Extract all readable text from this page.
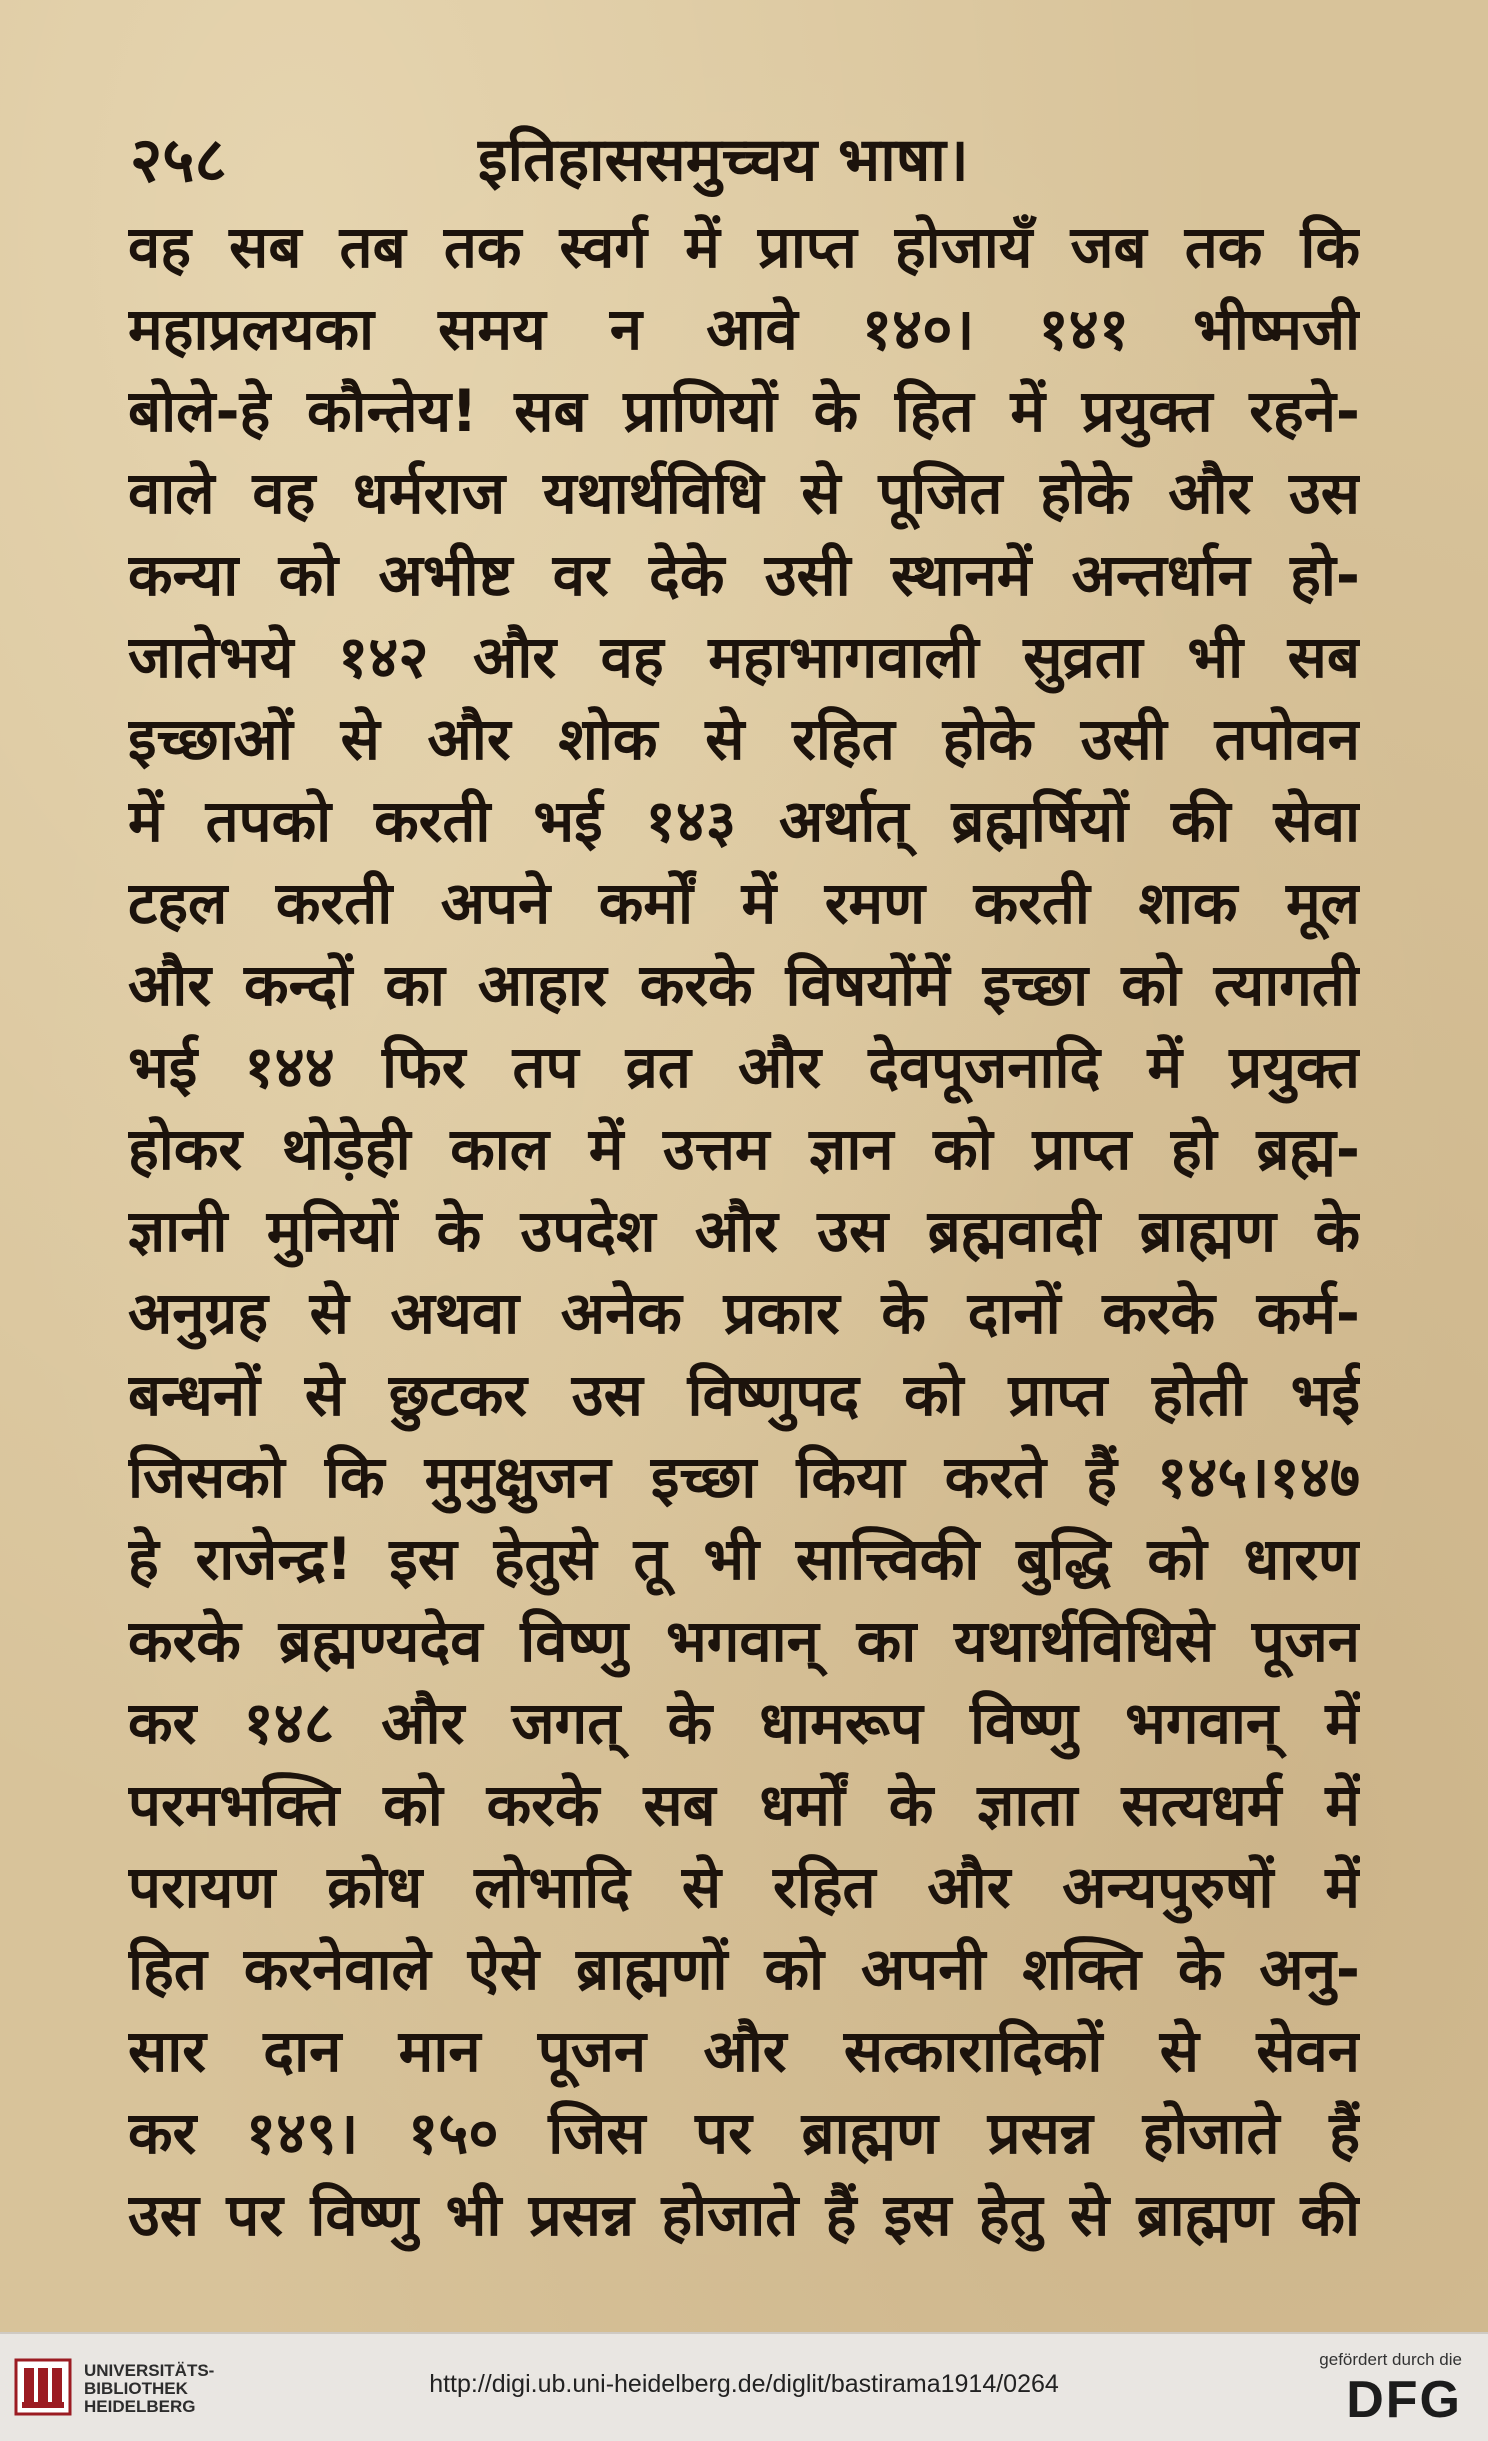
२५८	इतिहाससमुच्चय भाषा।
वह सब तब तक स्वर्ग में प्राप्त होजायँ जब तक कि
महाप्रलयका समय न आवे १४०। १४१ भीष्मजी
बोले-हे कौन्तेय! सब प्राणियों के हित में प्रयुक्त रहने-
वाले वह धर्मराज यथार्थविधि से पूजित होके और उस
कन्या को अभीष्ट वर देके उसी स्थानमें अन्तर्धान हो-
जातेभये १४२ और वह महाभागवाली सुव्रता भी सब
इच्छाओं से और शोक से रहित होके उसी तपोवन
में तपको करती भई १४३ अर्थात् ब्रह्मर्षियों की सेवा
टहल करती अपने कर्मों में रमण करती शाक मूल
और कन्दों का आहार करके विषयोंमें इच्छा को त्यागती
भई १४४ फिर तप व्रत और देवपूजनादि में प्रयुक्त
होकर थोड़ेही काल में उत्तम ज्ञान को प्राप्त हो ब्रह्म-
ज्ञानी मुनियों के उपदेश और उस ब्रह्मवादी ब्राह्मण के
अनुग्रह से अथवा अनेक प्रकार के दानों करके कर्म-
बन्धनों से छुटकर उस विष्णुपद को प्राप्त होती भई
जिसको कि मुमुक्षुजन इच्छा किया करते हैं १४५।१४७
हे राजेन्द्र! इस हेतुसे तू भी सात्त्विकी बुद्धि को धारण
करके ब्रह्मण्यदेव विष्णु भगवान् का यथार्थविधिसे पूजन
कर १४८ और जगत् के धामरूप विष्णु भगवान् में
परमभक्ति को करके सब धर्मों के ज्ञाता सत्यधर्म में
परायण क्रोध लोभादि से रहित और अन्यपुरुषों में
हित करनेवाले ऐसे ब्राह्मणों को अपनी शक्ति के अनु-
सार दान मान पूजन और सत्कारादिकों से सेवन
कर १४९। १५० जिस पर ब्राह्मण प्रसन्न होजाते हैं
उस पर विष्णु भी प्रसन्न होजाते हैं इस हेतु से ब्राह्मण की
UNIVERSITÄTS-
BIBLIOTHEK
HEIDELBERG
http://digi.ub.uni-heidelberg.de/diglit/bastirama1914/0264
gefördert durch die
DFG
